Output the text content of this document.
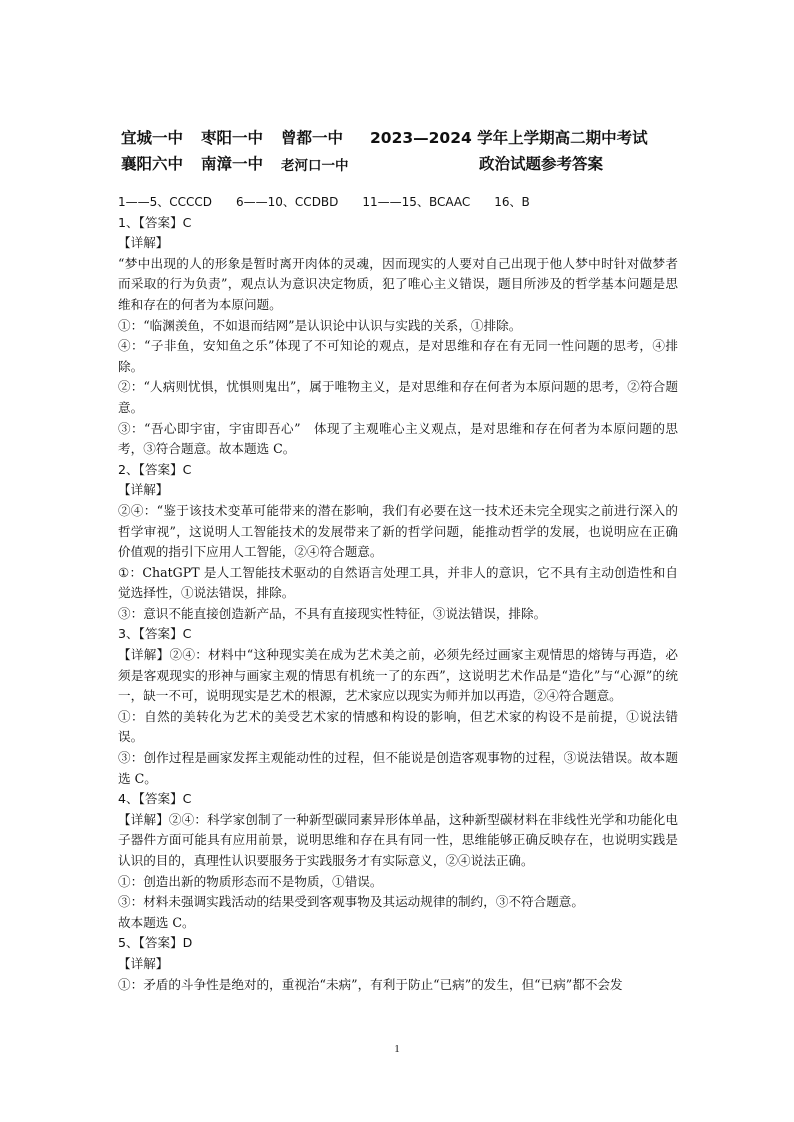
宜城一中 枣阳一中 曾都一中 2023—2024 学年上学期高二期中考试
襄阳六中 南漳一中 老河口一中	政治试题参考答案

1——5、CCCCD　　6——10、CCDBD　　11——15、BCAAC　　16、B

1、【答案】C

【详解】

“梦中出现的人的形象是暂时离开肉体的灵魂，因而现实的人要对自己出现于他人梦中时针对做梦者而采取的行为负责”，观点认为意识决定物质，犯了唯心主义错误，题目所涉及的哲学基本问题是思维和存在的何者为本原问题。

①：“临渊羡鱼，不如退而结网”是认识论中认识与实践的关系，①排除。

④：“子非鱼，安知鱼之乐”体现了不可知论的观点，是对思维和存在有无同一性问题的思考，④排除。

②：“人病则忧惧，忧惧则鬼出”，属于唯物主义，是对思维和存在何者为本原问题的思考，②符合题意。

③：“吾心即宇宙，宇宙即吾心”　体现了主观唯心主义观点，是对思维和存在何者为本原问题的思考，③符合题意。故本题选 C。

2、【答案】C

【详解】

②④：“鉴于该技术变革可能带来的潜在影响，我们有必要在这一技术还未完全现实之前进行深入的哲学审视”，这说明人工智能技术的发展带来了新的哲学问题，能推动哲学的发展，也说明应在正确价值观的指引下应用人工智能，②④符合题意。

①：ChatGPT 是人工智能技术驱动的自然语言处理工具，并非人的意识，它不具有主动创造性和自觉选择性，①说法错误，排除。

③：意识不能直接创造新产品，不具有直接现实性特征，③说法错误，排除。

3、【答案】C

【详解】②④：材料中“这种现实美在成为艺术美之前，必须先经过画家主观情思的熔铸与再造，必须是客观现实的形神与画家主观的情思有机统一了的东西”，这说明艺术作品是“造化”与“心源”的统一，缺一不可，说明现实是艺术的根源，艺术家应以现实为师并加以再造，②④符合题意。

①：自然的美转化为艺术的美受艺术家的情感和构设的影响，但艺术家的构设不是前提，①说法错误。

③：创作过程是画家发挥主观能动性的过程，但不能说是创造客观事物的过程，③说法错误。故本题选 C。

4、【答案】C

【详解】②④：科学家创制了一种新型碳同素异形体单晶，这种新型碳材料在非线性光学和功能化电子器件方面可能具有应用前景，说明思维和存在具有同一性，思维能够正确反映存在，也说明实践是认识的目的，真理性认识要服务于实践服务才有实际意义，②④说法正确。

①：创造出新的物质形态而不是物质，①错误。

③：材料未强调实践活动的结果受到客观事物及其运动规律的制约，③不符合题意。

故本题选 C。

5、【答案】D

【详解】

①：矛盾的斗争性是绝对的，重视治“未病”，有利于防止“已病”的发生，但“已病”都不会发

1
